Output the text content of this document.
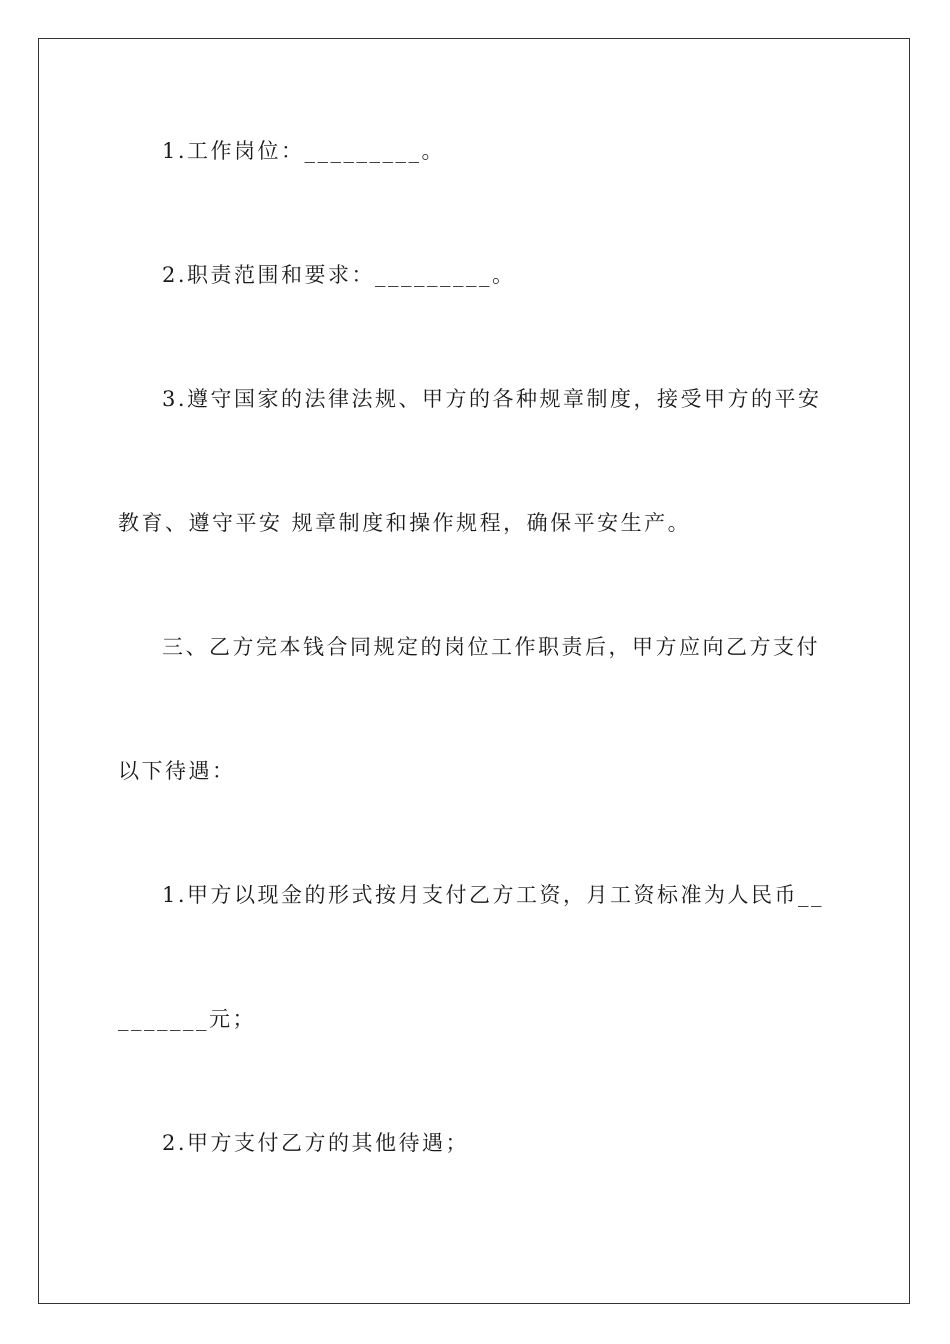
1.工作岗位：_________。
2.职责范围和要求：_________。
3.遵守国家的法律法规、甲方的各种规章制度，接受甲方的平安
教育、遵守平安 规章制度和操作规程，确保平安生产。
三、乙方完本钱合同规定的岗位工作职责后，甲方应向乙方支付
以下待遇：
1.甲方以现金的形式按月支付乙方工资，月工资标准为人民币__
_______元；
2.甲方支付乙方的其他待遇；
